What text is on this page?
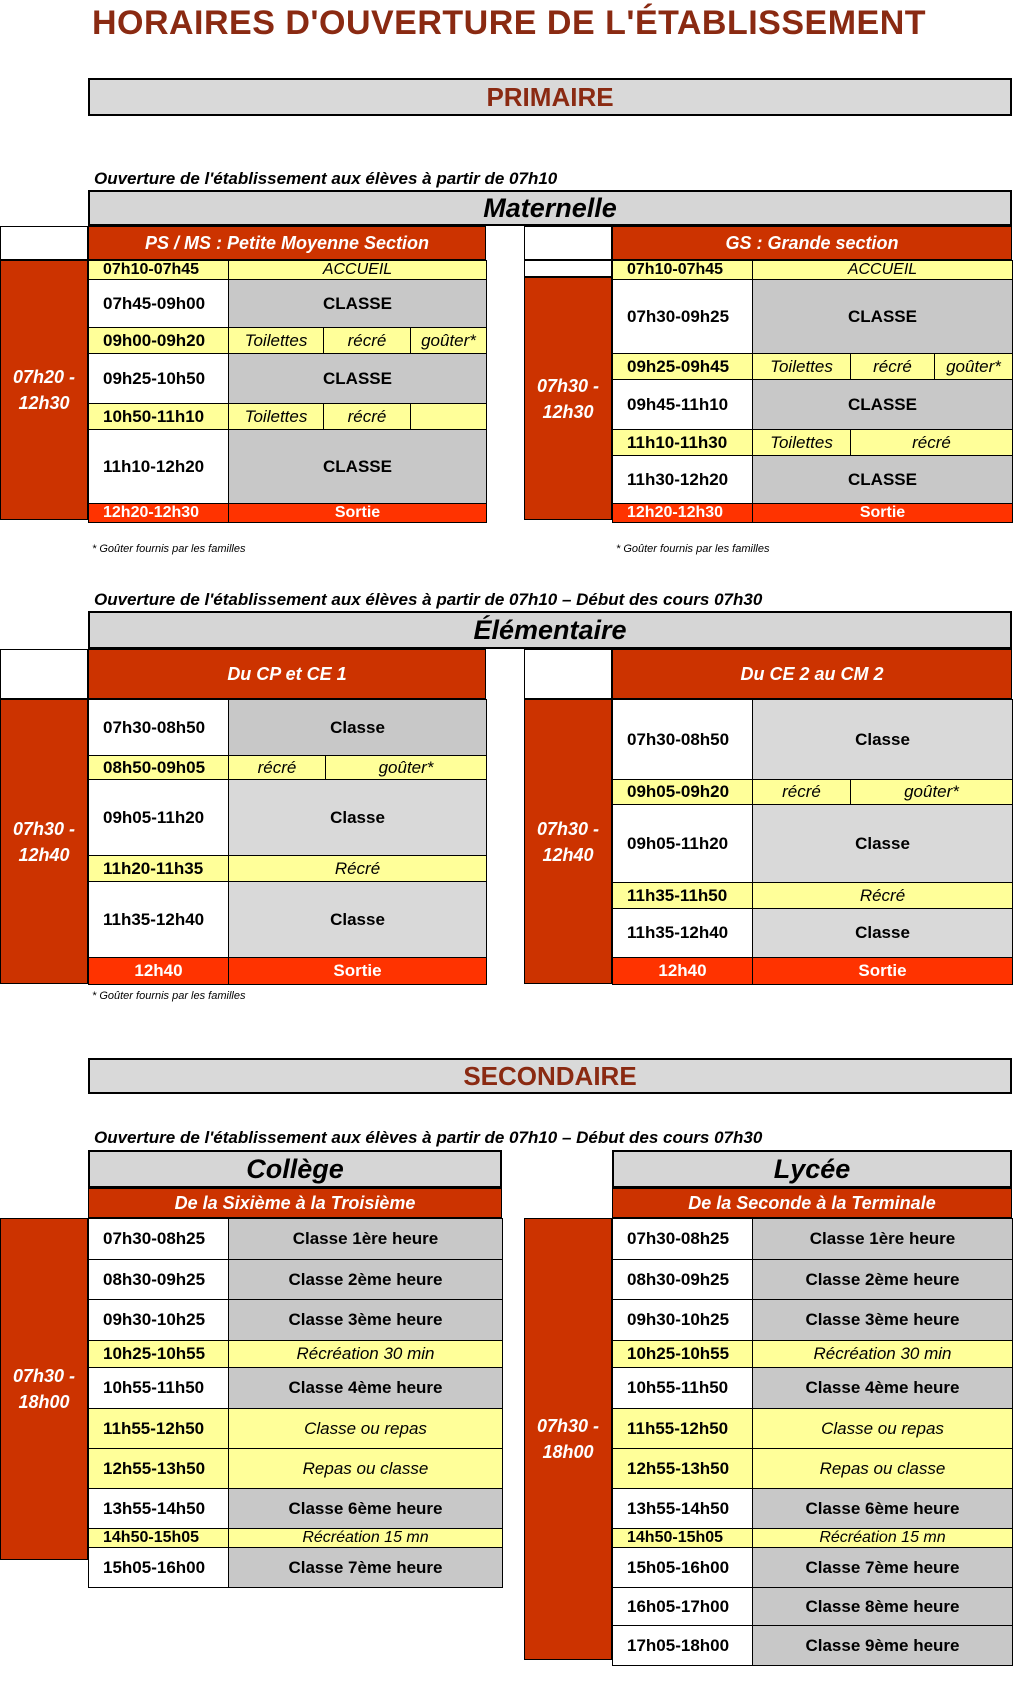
HORAIRES D'OUVERTURE DE L'ÉTABLISSEMENT
PRIMAIRE
Ouverture de l'établissement aux élèves à partir de 07h10
Maternelle
PS / MS : Petite Moyenne Section	GS : Grande section
07h20 -
12h30
07h10-07h45	ACCUEIL		
07h45-09h00	CLASSE		
09h00-09h20	Toilettes	récré	goûter*
09h25-10h50	CLASSE		
10h50-11h10	Toilettes	récré	
11h10-12h20	CLASSE		
12h20-12h30	Sortie		
07h30 -
12h30
07h10-07h45	ACCUEIL		
07h30-09h25	CLASSE		
09h25-09h45	Toilettes	récré	goûter*
09h45-11h10	CLASSE		
11h10-11h30	Toilettes	récré	
11h30-12h20	CLASSE		
12h20-12h30	Sortie		
* Goûter fournis par les familles	* Goûter fournis par les familles
Ouverture de l'établissement aux élèves à partir de 07h10 – Début des cours 07h30
Élémentaire
Du CP et CE 1	Du CE 2 au CM 2
07h30 -
12h40
07h30-08h50	Classe	
08h50-09h05	récré	goûter*
09h05-11h20	Classe	
11h20-11h35	Récré	
11h35-12h40	Classe	
12h40	Sortie	
07h30 -
12h40
07h30-08h50	Classe	
09h05-09h20	récré	goûter*
09h05-11h20	Classe	
11h35-11h50	Récré	
11h35-12h40	Classe	
12h40	Sortie	
* Goûter fournis par les familles
SECONDAIRE
Ouverture de l'établissement aux élèves à partir de 07h10 – Début des cours 07h30
Collège	Lycée
De la Sixième à la Troisième	De la Seconde à la Terminale
07h30 -
18h00
07h30-08h25	Classe 1ère heure
08h30-09h25	Classe 2ème heure
09h30-10h25	Classe 3ème heure
10h25-10h55	Récréation 30 min
10h55-11h50	Classe 4ème heure
11h55-12h50	Classe ou repas
12h55-13h50	Repas ou classe
13h55-14h50	Classe 6ème heure
14h50-15h05	Récréation 15 mn
15h05-16h00	Classe 7ème heure
07h30 -
18h00
07h30-08h25	Classe 1ère heure
08h30-09h25	Classe 2ème heure
09h30-10h25	Classe 3ème heure
10h25-10h55	Récréation 30 min
10h55-11h50	Classe 4ème heure
11h55-12h50	Classe ou repas
12h55-13h50	Repas ou classe
13h55-14h50	Classe 6ème heure
14h50-15h05	Récréation 15 mn
15h05-16h00	Classe 7ème heure
16h05-17h00	Classe 8ème heure
17h05-18h00	Classe 9ème heure
